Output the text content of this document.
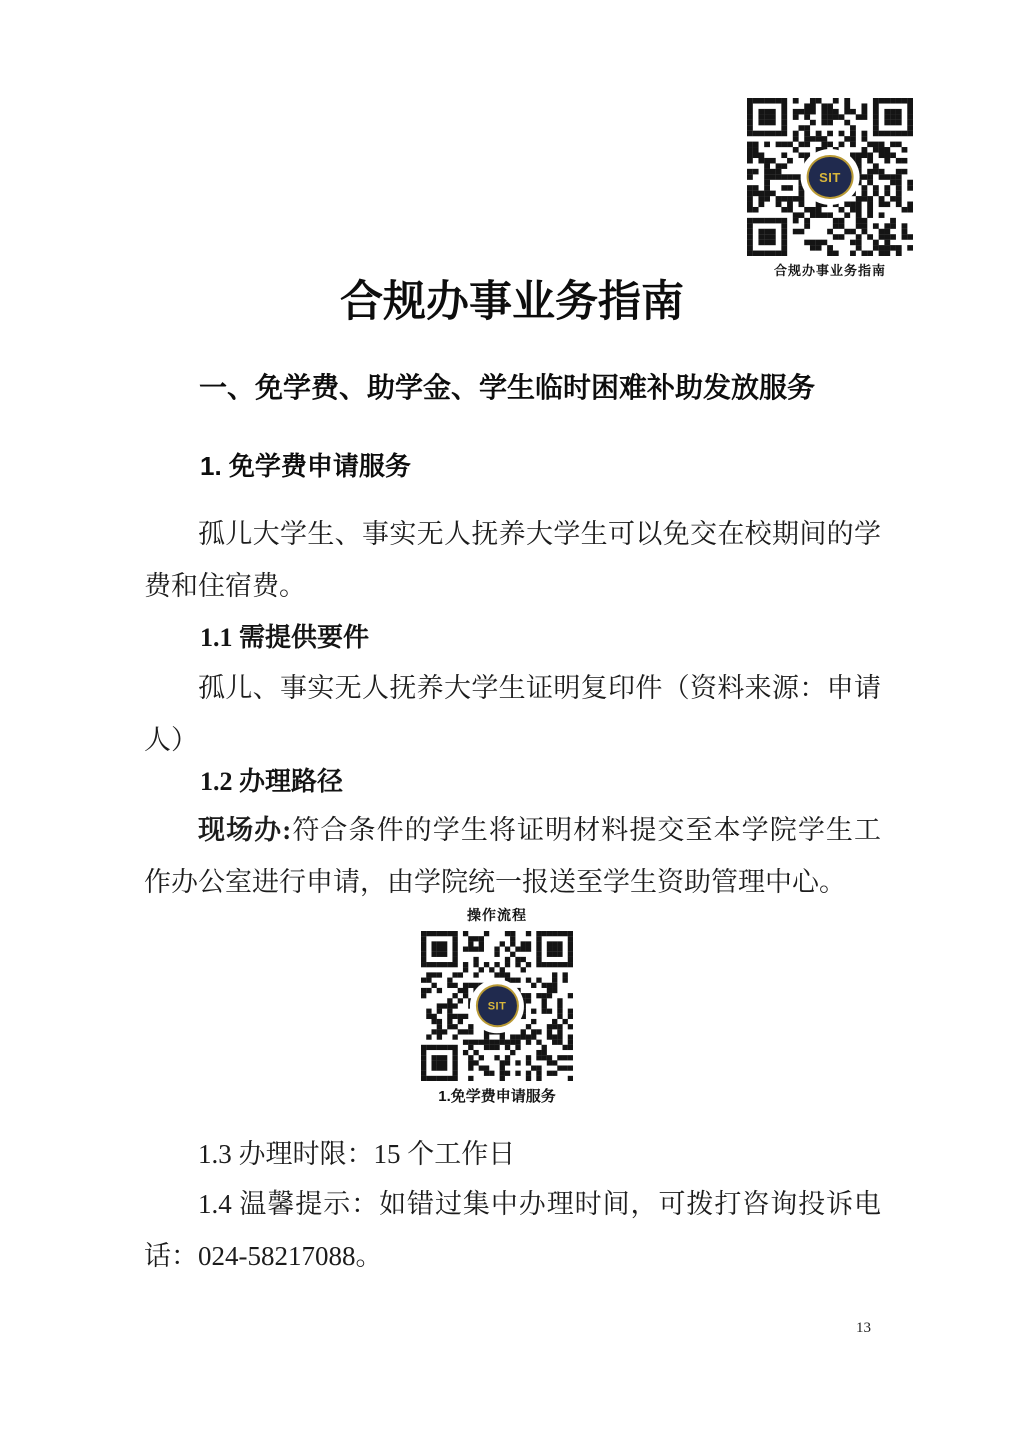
SIT
合规办事业务指南
合规办事业务指南
一、免学费、助学金、学生临时困难补助发放服务
1. 免学费申请服务
孤儿大学生、事实无人抚养大学生可以免交在校期间的学
费和住宿费。
1.1 需提供要件
孤儿、事实无人抚养大学生证明复印件（资料来源：申请
人）
1.2 办理路径
现场办:符合条件的学生将证明材料提交至本学院学生工
作办公室进行申请，由学院统一报送至学生资助管理中心。
操作流程
SIT
1.免学费申请服务
1.3 办理时限：15 个工作日
1.4 温馨提示：如错过集中办理时间，可拨打咨询投诉电
话：024-58217088。
13
